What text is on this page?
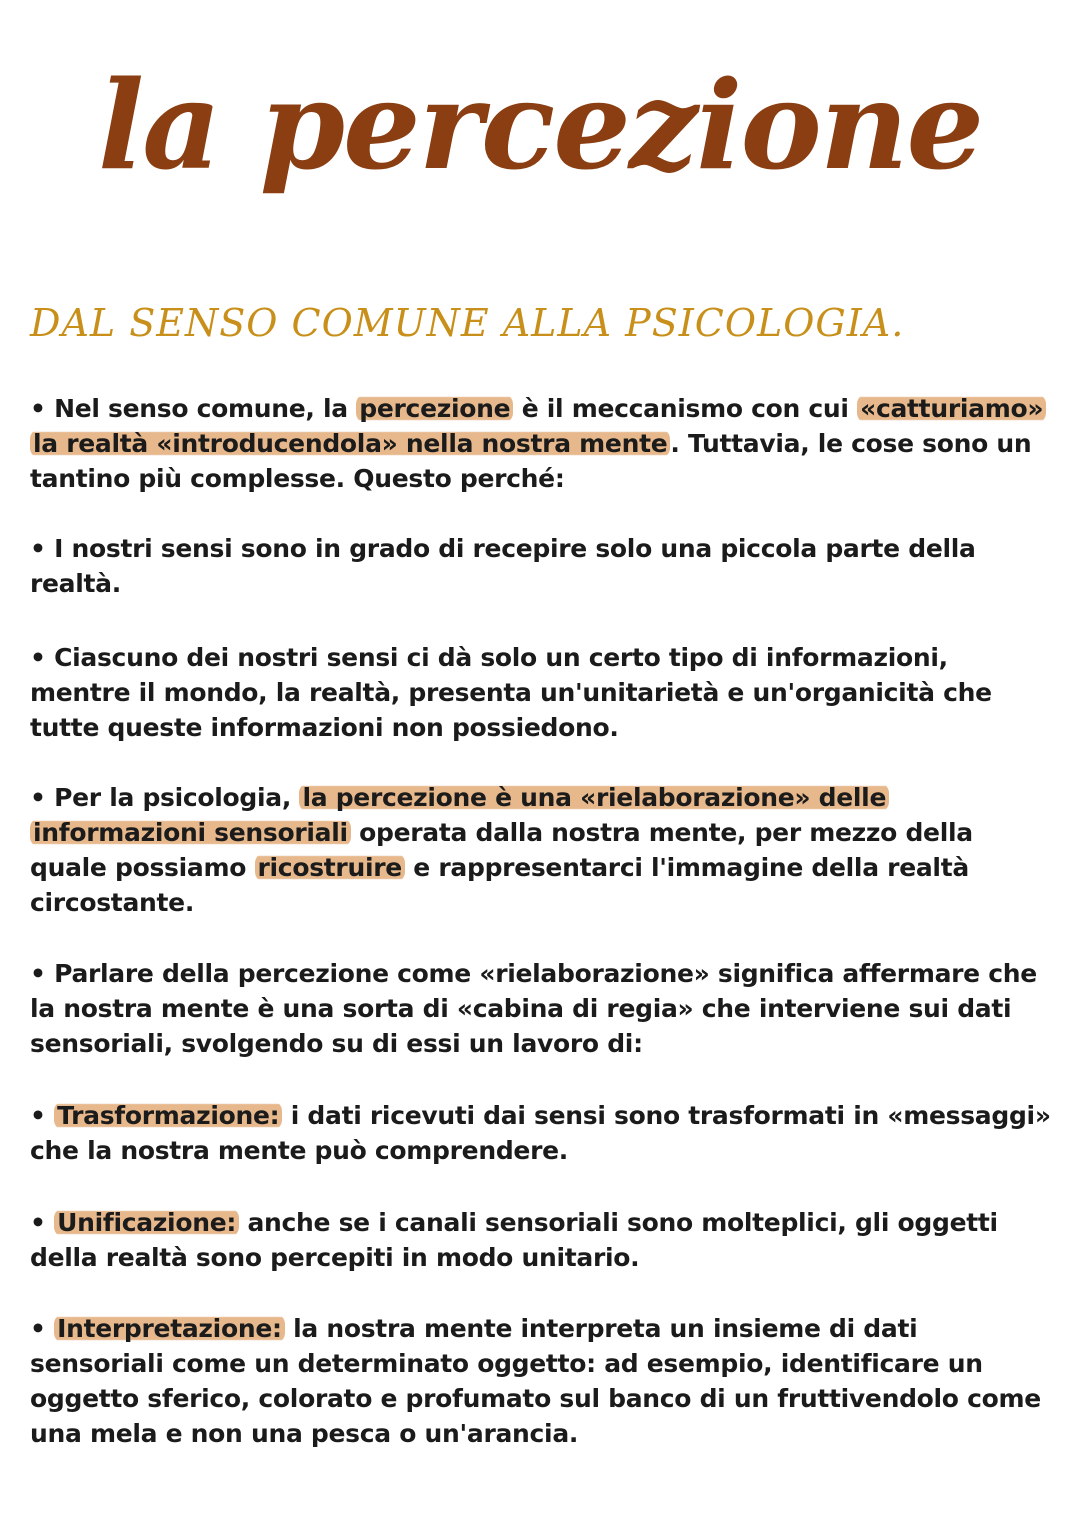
la percezione
DAL SENSO COMUNE ALLA PSICOLOGIA.

• Nel senso comune, la percezione è il meccanismo con cui «catturiamo» la realtà «introducendola» nella nostra mente . Tuttavia, le cose sono un tantino più complesse. Questo perché:

• I nostri sensi sono in grado di recepire solo una piccola parte della realtà.

• Ciascuno dei nostri sensi ci dà solo un certo tipo di informazioni, mentre il mondo, la realtà, presenta un'unitarietà e un'organicità che tutte queste informazioni non possiedono.

• Per la psicologia, la percezione è una «rielaborazione» delle informazioni sensoriali operata dalla nostra mente, per mezzo della quale possiamo ricostruire e rappresentarci l'immagine della realtà circostante.

• Parlare della percezione come «rielaborazione» significa affermare che la nostra mente è una sorta di «cabina di regia» che interviene sui dati sensoriali, svolgendo su di essi un lavoro di:

• Trasformazione: i dati ricevuti dai sensi sono trasformati in «messaggi» che la nostra mente può comprendere.

• Unificazione: anche se i canali sensoriali sono molteplici, gli oggetti della realtà sono percepiti in modo unitario.

• Interpretazione: la nostra mente interpreta un insieme di dati sensoriali come un determinato oggetto: ad esempio, identificare un oggetto sferico, colorato e profumato sul banco di un fruttivendolo come una mela e non una pesca o un'arancia.
